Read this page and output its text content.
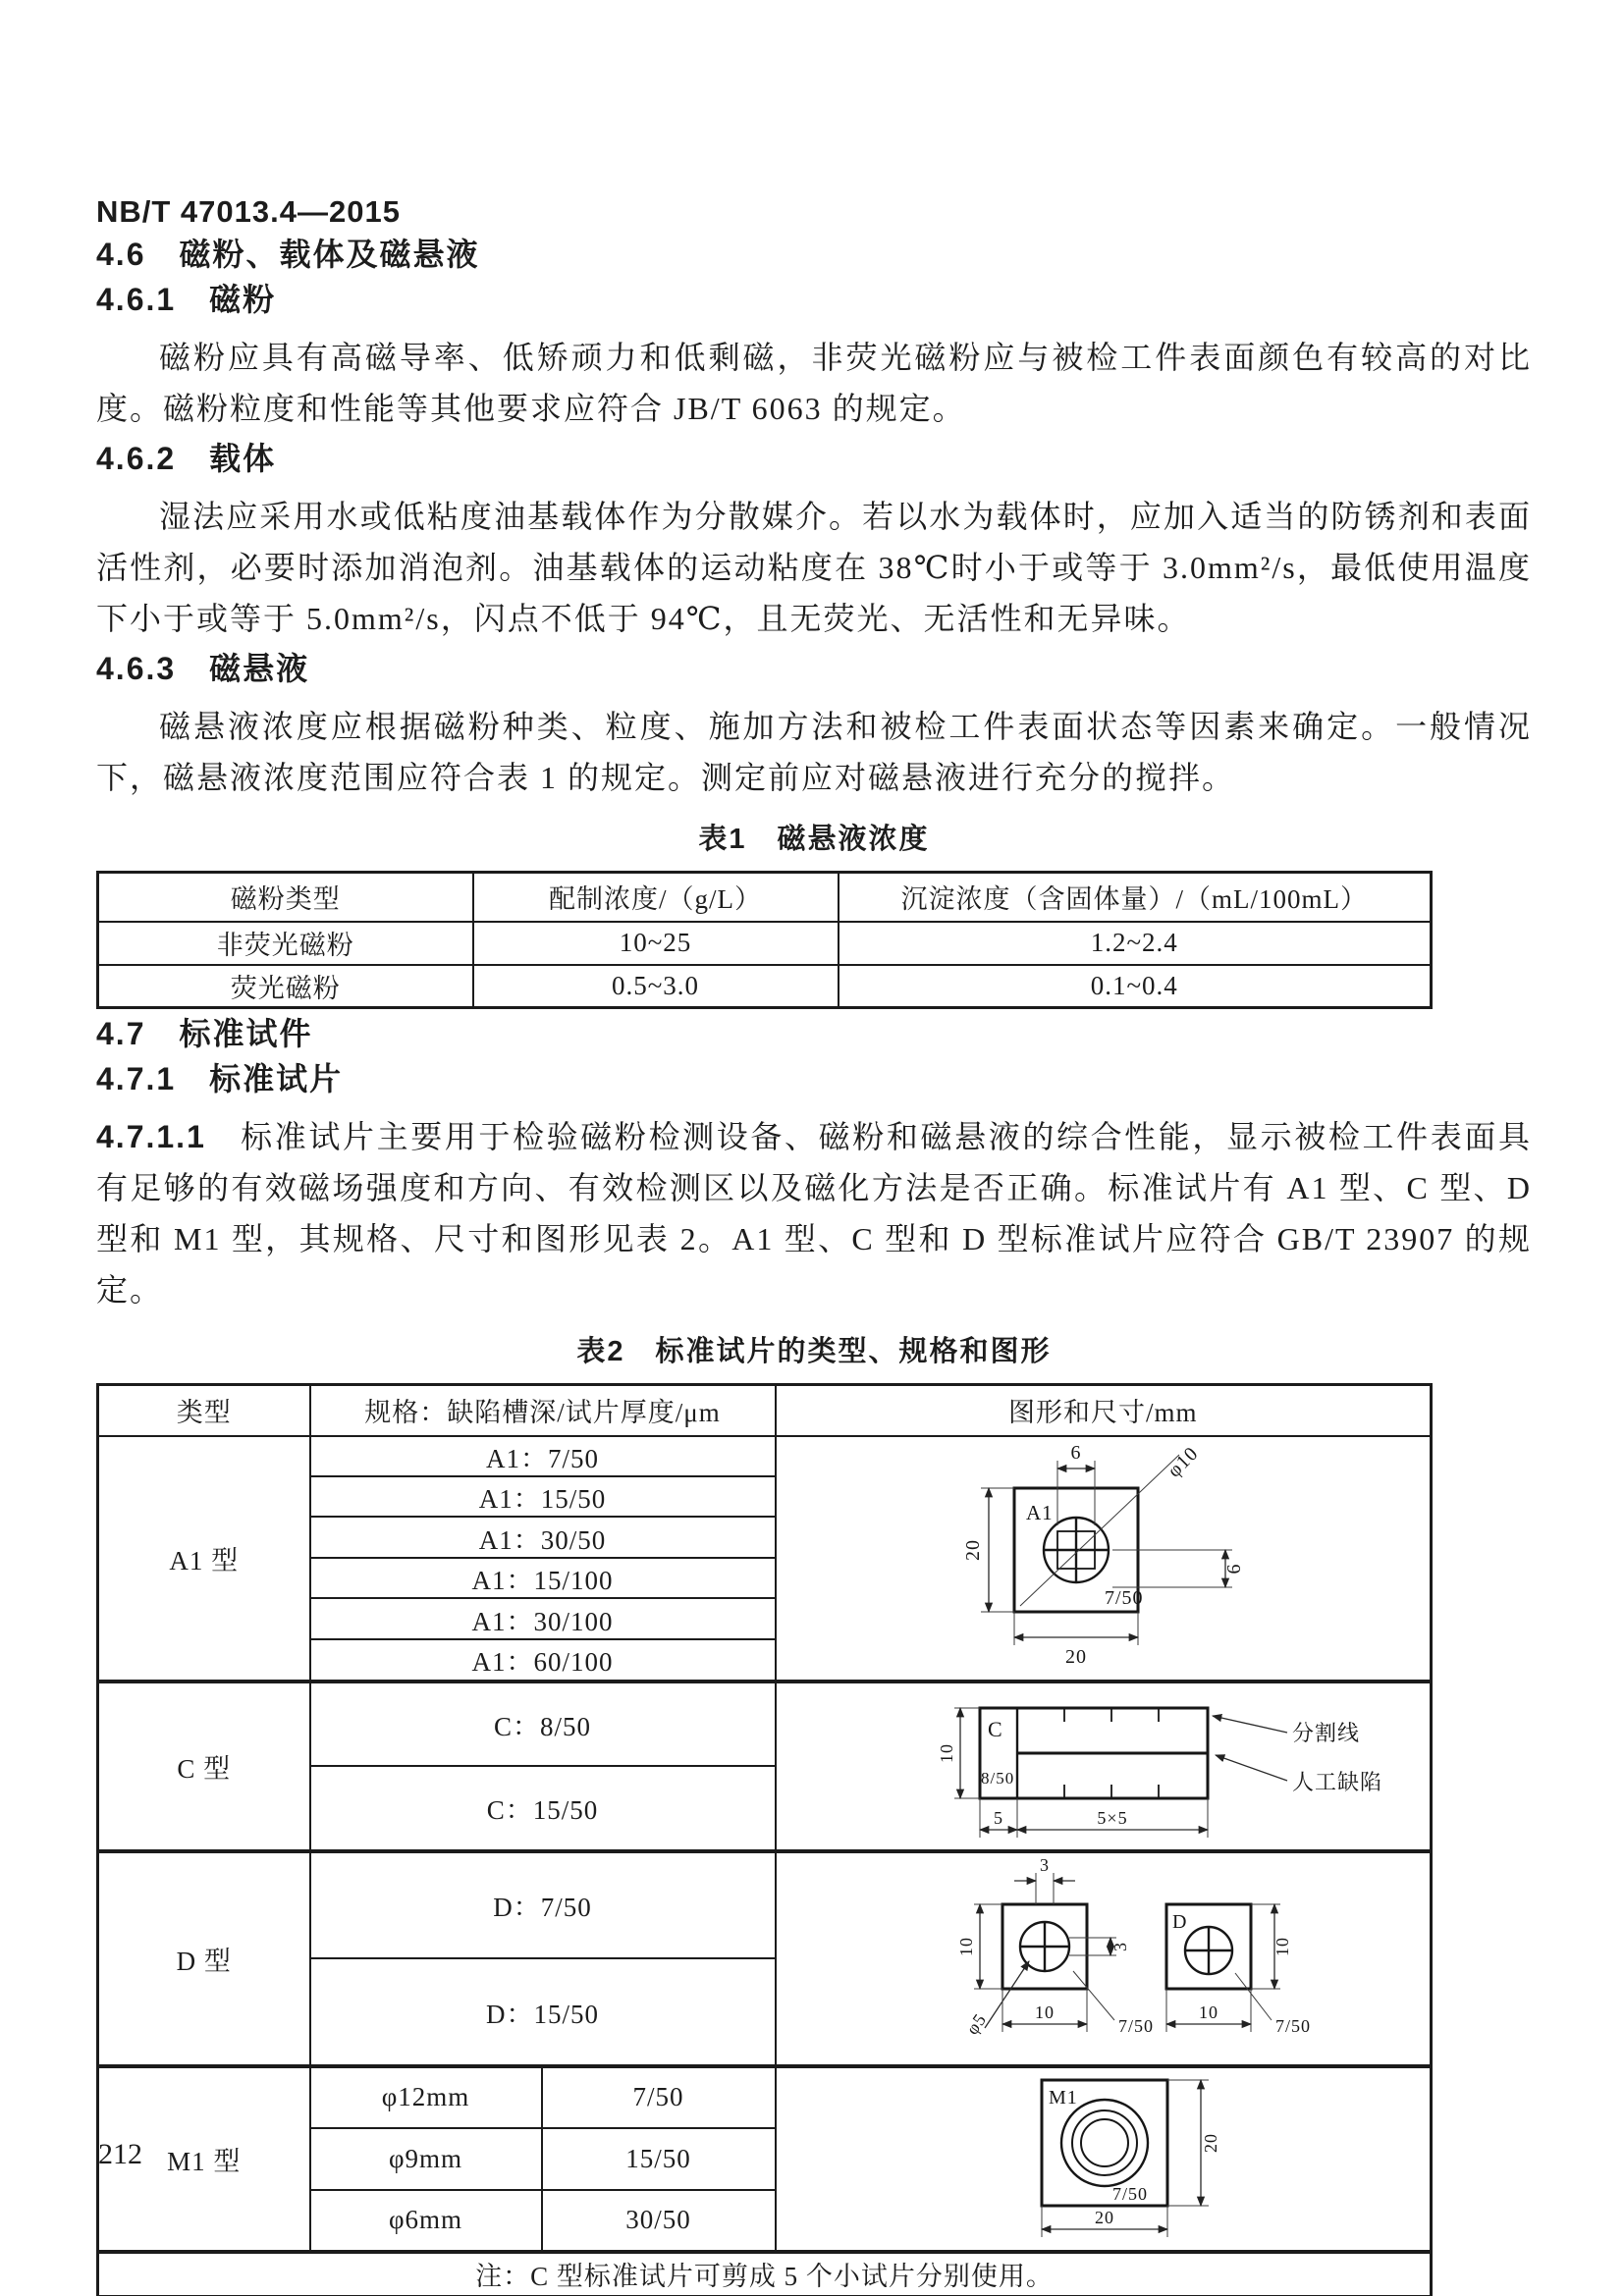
NB/T 47013.4—2015
4.6　磁粉、载体及磁悬液
4.6.1　磁粉

磁粉应具有高磁导率、低矫顽力和低剩磁，非荧光磁粉应与被检工件表面颜色有较高的对比度。磁粉粒度和性能等其他要求应符合 JB/T 6063 的规定。

4.6.2　载体

湿法应采用水或低粘度油基载体作为分散媒介。若以水为载体时，应加入适当的防锈剂和表面活性剂，必要时添加消泡剂。油基载体的运动粘度在 38℃时小于或等于 3.0mm²/s，最低使用温度下小于或等于 5.0mm²/s，闪点不低于 94℃，且无荧光、无活性和无异味。

4.6.3　磁悬液

磁悬液浓度应根据磁粉种类、粒度、施加方法和被检工件表面状态等因素来确定。一般情况下，磁悬液浓度范围应符合表 1 的规定。测定前应对磁悬液进行充分的搅拌。

表1　磁悬液浓度
磁粉类型	配制浓度/（g/L）	沉淀浓度（含固体量）/（mL/100mL）
非荧光磁粉	10~25	1.2~2.4
荧光磁粉	0.5~3.0	0.1~0.4
4.7　标准试件
4.7.1　标准试片

4.7.1.1　标准试片主要用于检验磁粉检测设备、磁粉和磁悬液的综合性能，显示被检工件表面具有足够的有效磁场强度和方向、有效检测区以及磁化方法是否正确。标准试片有 A1 型、C 型、D 型和 M1 型，其规格、尺寸和图形见表 2。A1 型、C 型和 D 型标准试片应符合 GB/T 23907 的规定。

表2　标准试片的类型、规格和图形
类型	规格：缺陷槽深/试片厚度/μm		图形和尺寸/mm
A1 型	A1：7/50	6	φ10
A1
20
6
7/50
20

	A1：15/50		
	A1：30/50		
	A1：15/100		
	A1：30/100		
	A1：60/100		
C 型	C：8/50	C
8/50
10
5	5×5
分割线
人工缺陷

	C：15/50		
D 型	D：7/50	
3
10	3
φ5	10
7/50
D
10
10
7/50

	D：15/50		
M1 型	φ12mm	7/50	M1
7/50
20
20

	φ9mm	15/50	
	φ6mm	30/50	
注：C 型标准试片可剪成 5 个小试片分别使用。			
212
